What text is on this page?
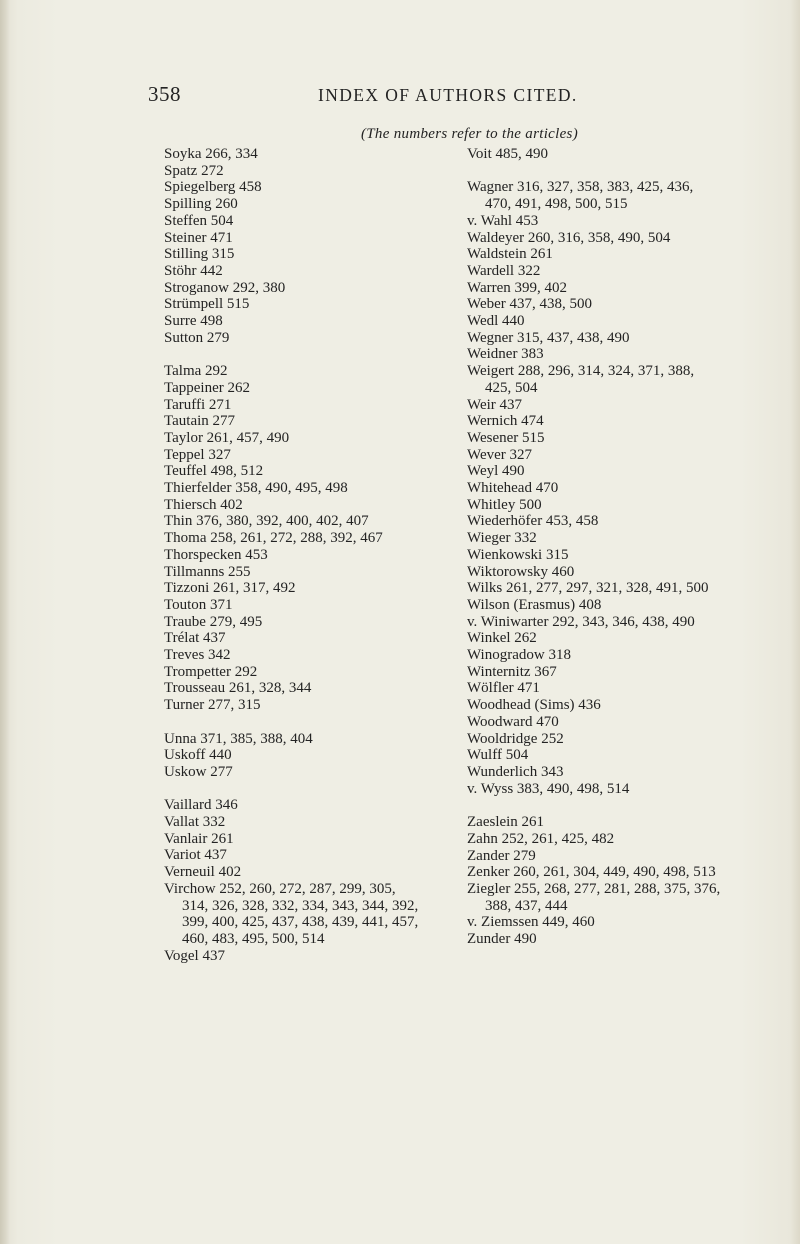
358	INDEX OF AUTHORS CITED.
(The numbers refer to the articles)
Soyka 266, 334
Spatz 272
Spiegelberg 458
Spilling 260
Steffen 504
Steiner 471
Stilling 315
Stöhr 442
Stroganow 292, 380
Strümpell 515
Surre 498
Sutton 279
Talma 292
Tappeiner 262
Taruffi 271
Tautain 277
Taylor 261, 457, 490
Teppel 327
Teuffel 498, 512
Thierfelder 358, 490, 495, 498
Thiersch 402
Thin 376, 380, 392, 400, 402, 407
Thoma 258, 261, 272, 288, 392, 467
Thorspecken 453
Tillmanns 255
Tizzoni 261, 317, 492
Touton 371
Traube 279, 495
Trélat 437
Treves 342
Trompetter 292
Trousseau 261, 328, 344
Turner 277, 315
Unna 371, 385, 388, 404
Uskoff 440
Uskow 277
Vaillard 346
Vallat 332
Vanlair 261
Variot 437
Verneuil 402
Virchow 252, 260, 272, 287, 299, 305,
314, 326, 328, 332, 334, 343, 344, 392,
399, 400, 425, 437, 438, 439, 441, 457,
460, 483, 495, 500, 514
Vogel 437
Voit 485, 490
Wagner 316, 327, 358, 383, 425, 436,
470, 491, 498, 500, 515
v. Wahl 453
Waldeyer 260, 316, 358, 490, 504
Waldstein 261
Wardell 322
Warren 399, 402
Weber 437, 438, 500
Wedl 440
Wegner 315, 437, 438, 490
Weidner 383
Weigert 288, 296, 314, 324, 371, 388,
425, 504
Weir 437
Wernich 474
Wesener 515
Wever 327
Weyl 490
Whitehead 470
Whitley 500
Wiederhöfer 453, 458
Wieger 332
Wienkowski 315
Wiktorowsky 460
Wilks 261, 277, 297, 321, 328, 491, 500
Wilson (Erasmus) 408
v. Winiwarter 292, 343, 346, 438, 490
Winkel 262
Winogradow 318
Winternitz 367
Wölfler 471
Woodhead (Sims) 436
Woodward 470
Wooldridge 252
Wulff 504
Wunderlich 343
v. Wyss 383, 490, 498, 514
Zaeslein 261
Zahn 252, 261, 425, 482
Zander 279
Zenker 260, 261, 304, 449, 490, 498, 513
Ziegler 255, 268, 277, 281, 288, 375, 376,
388, 437, 444
v. Ziemssen 449, 460
Zunder 490
